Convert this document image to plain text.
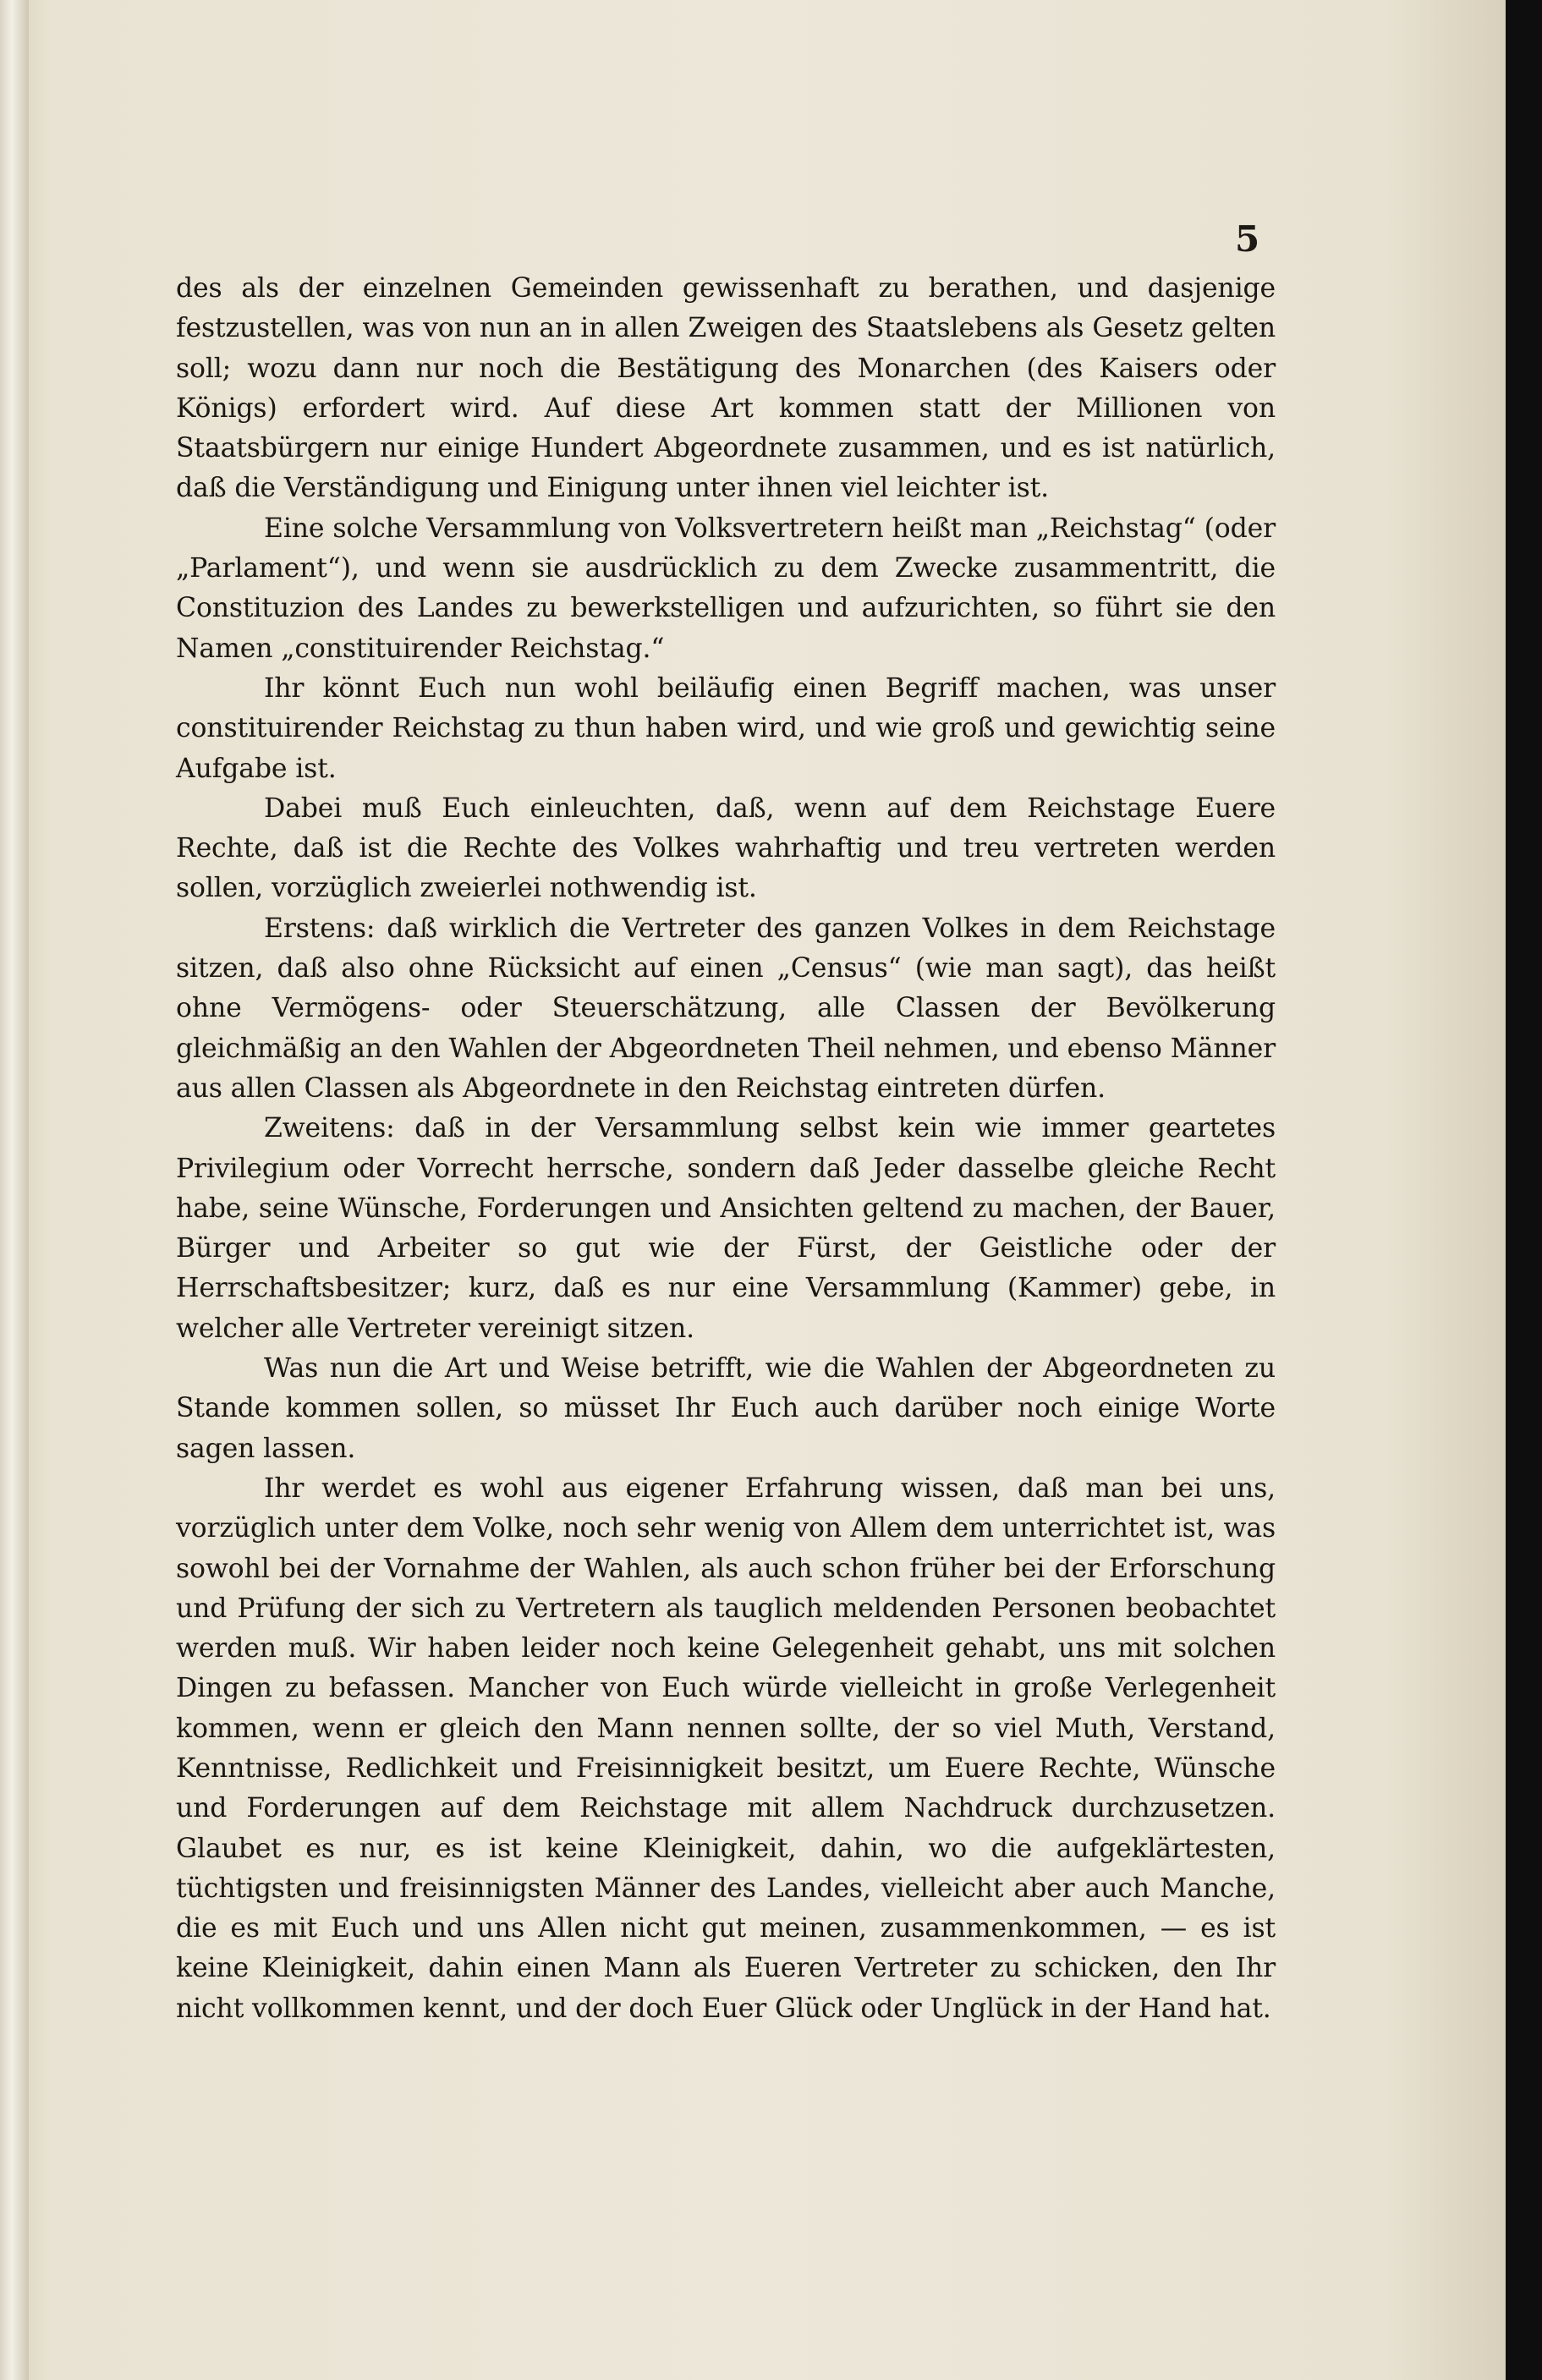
5

des als der einzelnen Gemeinden gewissenhaft zu berathen, und dasjenige festzustellen, was von nun an in allen Zweigen des Staatslebens als Gesetz gelten soll; wozu dann nur noch die Bestätigung des Monarchen (des Kaisers oder Königs) erfordert wird. Auf diese Art kommen statt der Millionen von Staatsbürgern nur einige Hundert Abgeordnete zusammen, und es ist natürlich, daß die Verständigung und Einigung unter ihnen viel leichter ist.

Eine solche Versammlung von Volksvertretern heißt man „Reichstag“ (oder „Parlament“), und wenn sie ausdrücklich zu dem Zwecke zusammentritt, die Constituzion des Landes zu bewerkstelligen und aufzurichten, so führt sie den Namen „constituirender Reichstag.“

Ihr könnt Euch nun wohl beiläufig einen Begriff machen, was unser constituirender Reichstag zu thun haben wird, und wie groß und gewichtig seine Aufgabe ist.

Dabei muß Euch einleuchten, daß, wenn auf dem Reichstage Euere Rechte, daß ist die Rechte des Volkes wahrhaftig und treu vertreten werden sollen, vorzüglich zweierlei nothwendig ist.

Erstens: daß wirklich die Vertreter des ganzen Volkes in dem Reichstage sitzen, daß also ohne Rücksicht auf einen „Census“ (wie man sagt), das heißt ohne Vermögens- oder Steuerschätzung, alle Classen der Bevölkerung gleichmäßig an den Wahlen der Abgeordneten Theil nehmen, und ebenso Männer aus allen Classen als Abgeordnete in den Reichstag eintreten dürfen.

Zweitens: daß in der Versammlung selbst kein wie immer geartetes Privilegium oder Vorrecht herrsche, sondern daß Jeder dasselbe gleiche Recht habe, seine Wünsche, Forderungen und Ansichten geltend zu machen, der Bauer, Bürger und Arbeiter so gut wie der Fürst, der Geistliche oder der Herrschaftsbesitzer; kurz, daß es nur eine Versammlung (Kammer) gebe, in welcher alle Vertreter vereinigt sitzen.

Was nun die Art und Weise betrifft, wie die Wahlen der Abgeordneten zu Stande kommen sollen, so müsset Ihr Euch auch darüber noch einige Worte sagen lassen.

Ihr werdet es wohl aus eigener Erfahrung wissen, daß man bei uns, vorzüglich unter dem Volke, noch sehr wenig von Allem dem unterrichtet ist, was sowohl bei der Vornahme der Wahlen, als auch schon früher bei der Erforschung und Prüfung der sich zu Vertretern als tauglich meldenden Personen beobachtet werden muß. Wir haben leider noch keine Gelegenheit gehabt, uns mit solchen Dingen zu befassen. Mancher von Euch würde vielleicht in große Verlegenheit kommen, wenn er gleich den Mann nennen sollte, der so viel Muth, Verstand, Kenntnisse, Redlichkeit und Freisinnigkeit besitzt, um Euere Rechte, Wünsche und Forderungen auf dem Reichstage mit allem Nachdruck durchzusetzen. Glaubet es nur, es ist keine Kleinigkeit, dahin, wo die aufgeklärtesten, tüchtigsten und freisinnigsten Männer des Landes, vielleicht aber auch Manche, die es mit Euch und uns Allen nicht gut meinen, zusammenkommen, — es ist keine Kleinigkeit, dahin einen Mann als Eueren Vertreter zu schicken, den Ihr nicht vollkommen kennt, und der doch Euer Glück oder Unglück in der Hand hat.
